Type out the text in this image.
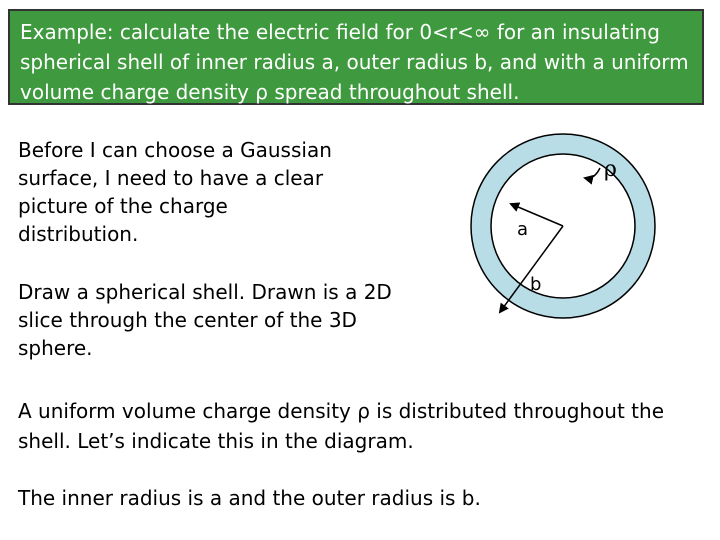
Example: calculate the electric field for 0<r<∞ for an insulating spherical shell of inner radius a, outer radius b, and with a uniform volume charge density ρ spread throughout shell.
Before I can choose a Gaussian surface, I need to have a clear picture of the charge distribution.
Draw a spherical shell. Drawn is a 2D slice through the center of the 3D sphere.
A uniform volume charge density ρ is distributed throughout the shell. Let’s indicate this in the diagram.
The inner radius is a and the outer radius is b.
ρ
a
b
